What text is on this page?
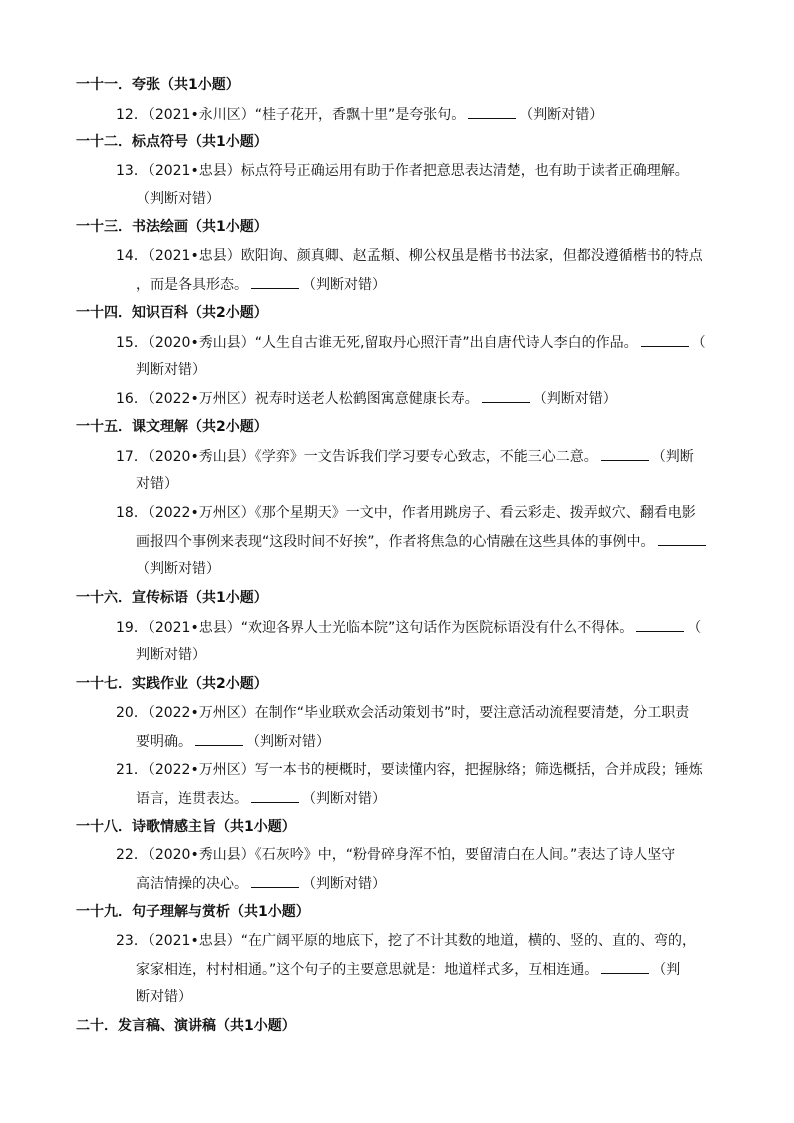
一十一．夸张（共1小题）
12．（2021•永川区）“桂子花开，香飘十里”是夸张句。	（判断对错）
一十二．标点符号（共1小题）
13．（2021•忠县）标点符号正确运用有助于作者把意思表达清楚，也有助于读者正确理解。
（判断对错）
一十三．书法绘画（共1小题）
14．（2021•忠县）欧阳询、颜真卿、赵孟頫、柳公权虽是楷书书法家，但都没遵循楷书的特点
，而是各具形态。	（判断对错）
一十四．知识百科（共2小题）
15．（2020•秀山县）“人生自古谁无死,留取丹心照汗青”出自唐代诗人李白的作品。	（
判断对错）
16．（2022•万州区）祝寿时送老人松鹤图寓意健康长寿。	（判断对错）
一十五．课文理解（共2小题）
17．（2020•秀山县）《学弈》一文告诉我们学习要专心致志，不能三心二意。	（判断
对错）
18．（2022•万州区）《那个星期天》一文中，作者用跳房子、看云彩走、拨弄蚁穴、翻看电影
画报四个事例来表现“这段时间不好挨”，作者将焦急的心情融在这些具体的事例中。
（判断对错）
一十六．宣传标语（共1小题）
19．（2021•忠县）“欢迎各界人士光临本院”这句话作为医院标语没有什么不得体。	（
判断对错）
一十七．实践作业（共2小题）
20．（2022•万州区）在制作“毕业联欢会活动策划书”时，要注意活动流程要清楚，分工职责
要明确。	（判断对错）
21．（2022•万州区）写一本书的梗概时，要读懂内容，把握脉络；筛选概括，合并成段；锤炼
语言，连贯表达。	（判断对错）
一十八．诗歌情感主旨（共1小题）
22．（2020•秀山县）《石灰吟》中，“粉骨碎身浑不怕，要留清白在人间。”表达了诗人坚守
高洁情操的决心。	（判断对错）
一十九．句子理解与赏析（共1小题）
23．（2021•忠县）“在广阔平原的地底下，挖了不计其数的地道，横的、竖的、直的、弯的，
家家相连，村村相通。”这个句子的主要意思就是：地道样式多，互相连通。	（判
断对错）
二十．发言稿、演讲稿（共1小题）
